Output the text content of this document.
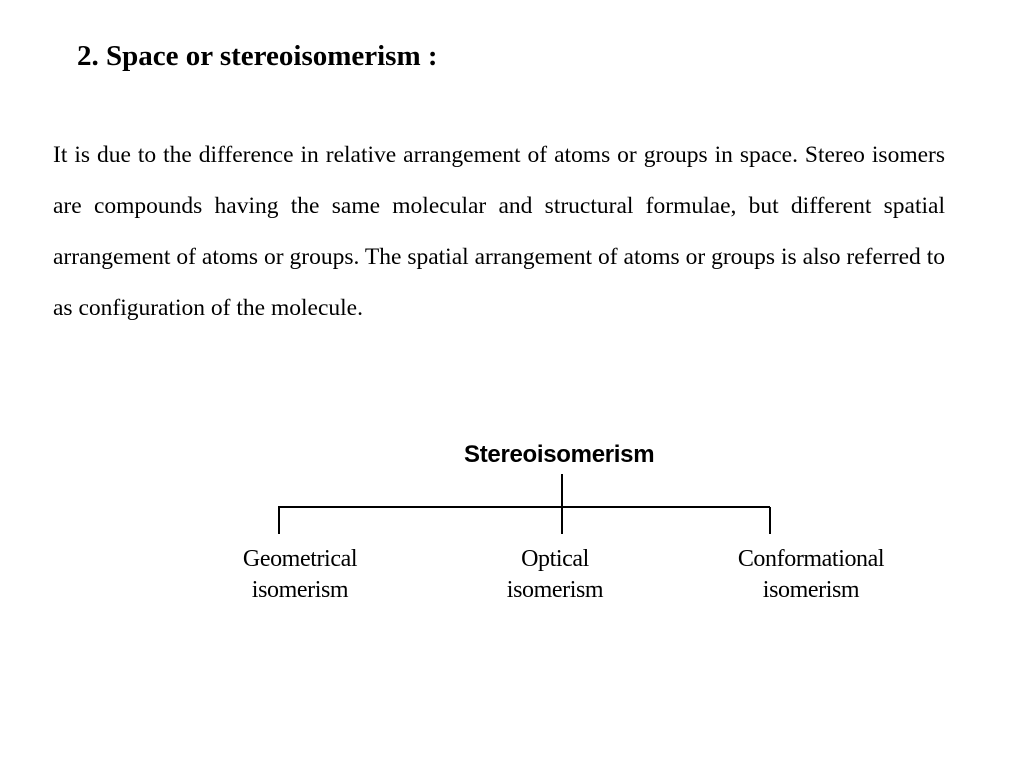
2. Space or stereoisomerism :

It is due to the difference in relative arrangement of atoms or groups in space. Stereo isomers are compounds having the same molecular and structural formulae, but different spatial arrangement of atoms or groups. The spatial arrangement of atoms or groups is also referred to as configuration of the molecule.

Stereoisomerism
Geometrical
isomerism
Optical
isomerism
Conformational
isomerism
